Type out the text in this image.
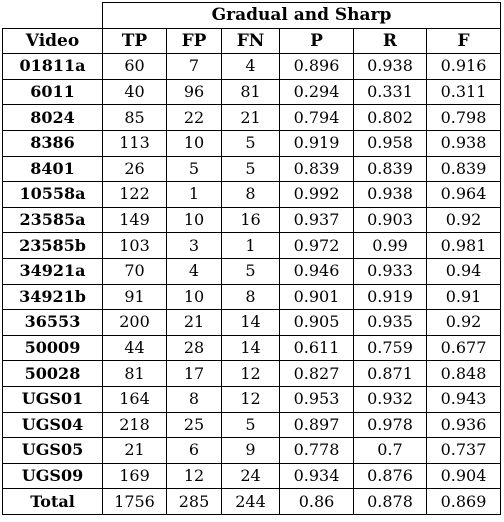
	Gradual and Sharp					
Video	TP	FP	FN	P	R	F
01811a	60	7	4	0.896	0.938	0.916
6011	40	96	81	0.294	0.331	0.311
8024	85	22	21	0.794	0.802	0.798
8386	113	10	5	0.919	0.958	0.938
8401	26	5	5	0.839	0.839	0.839
10558a	122	1	8	0.992	0.938	0.964
23585a	149	10	16	0.937	0.903	0.92
23585b	103	3	1	0.972	0.99	0.981
34921a	70	4	5	0.946	0.933	0.94
34921b	91	10	8	0.901	0.919	0.91
36553	200	21	14	0.905	0.935	0.92
50009	44	28	14	0.611	0.759	0.677
50028	81	17	12	0.827	0.871	0.848
UGS01	164	8	12	0.953	0.932	0.943
UGS04	218	25	5	0.897	0.978	0.936
UGS05	21	6	9	0.778	0.7	0.737
UGS09	169	12	24	0.934	0.876	0.904
Total	1756	285	244	0.86	0.878	0.869
